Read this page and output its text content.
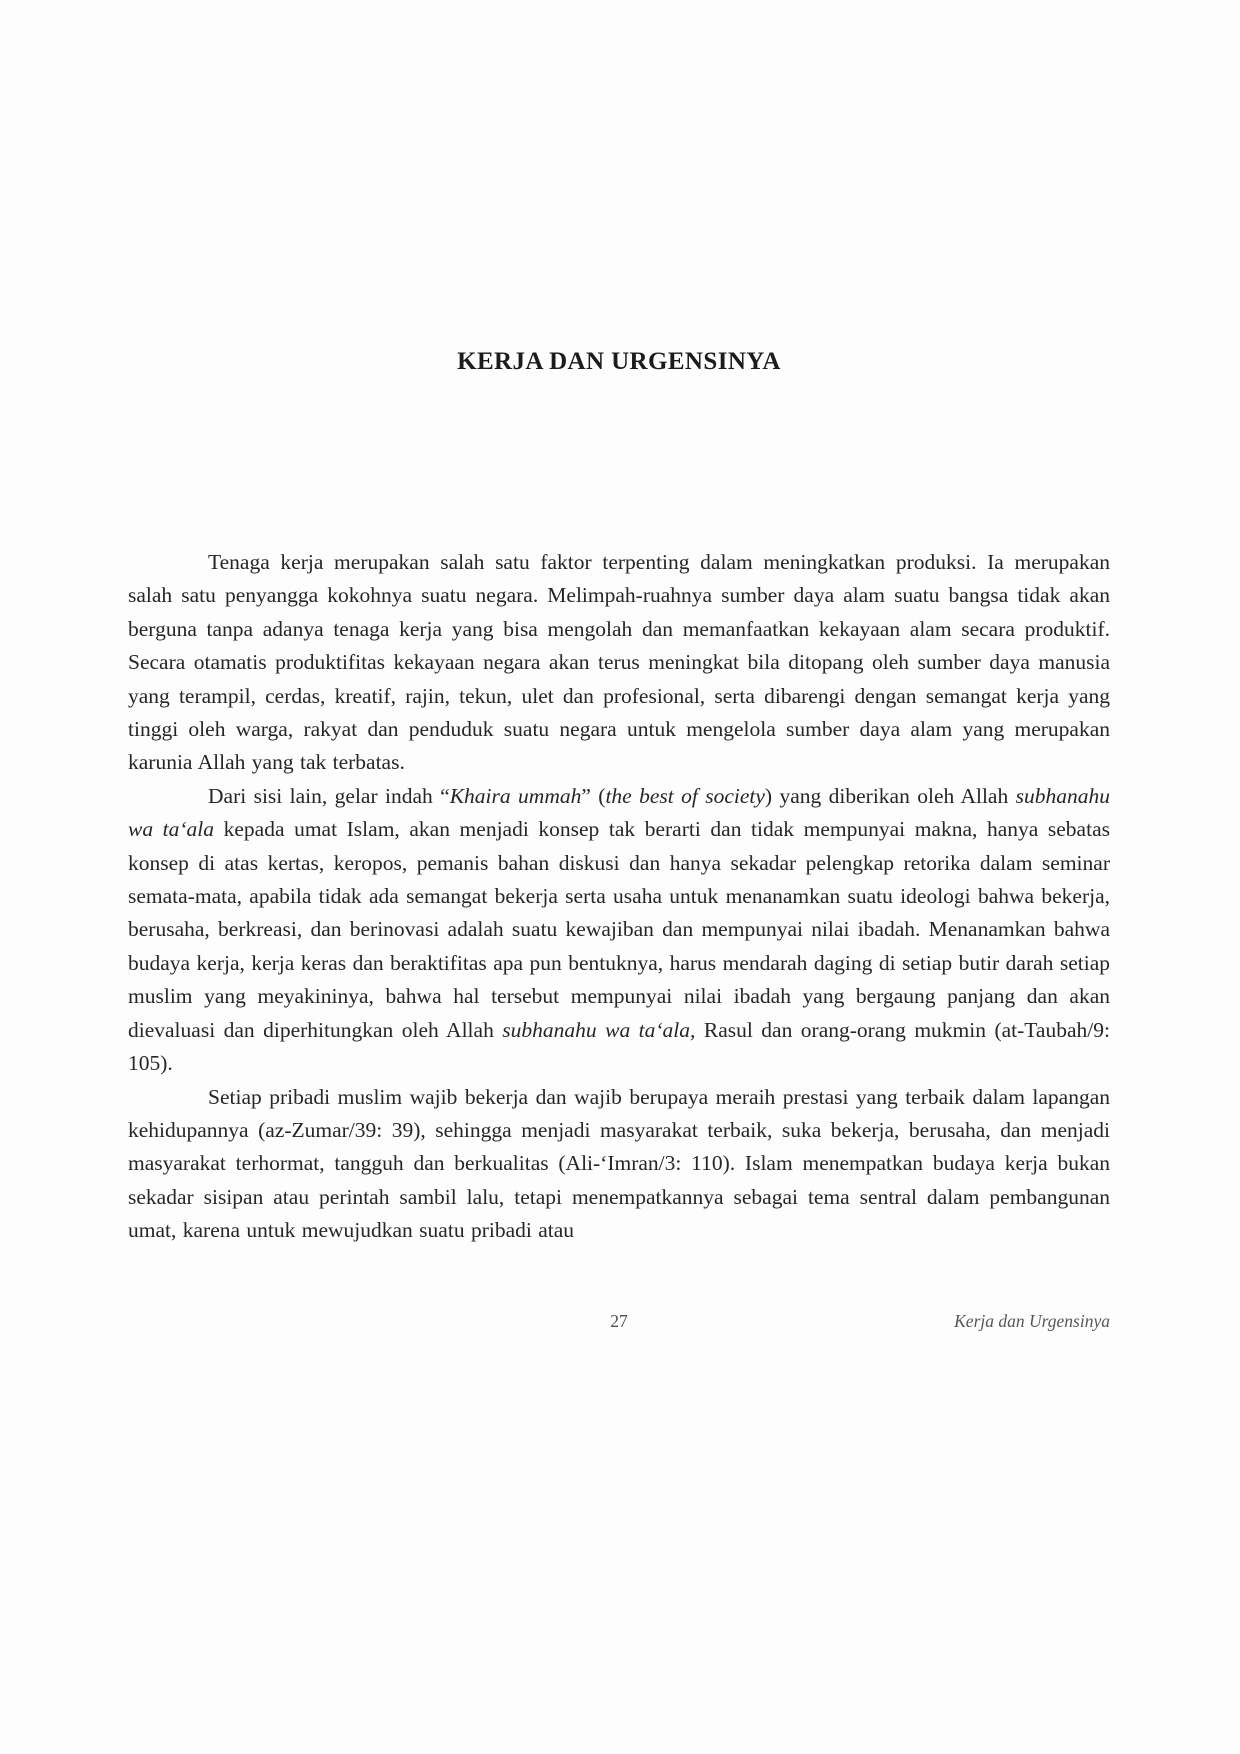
KERJA DAN URGENSINYA

Tenaga kerja merupakan salah satu faktor terpenting dalam meningkatkan produksi. Ia merupakan salah satu penyangga kokohnya suatu negara. Melimpah-ruahnya sumber daya alam suatu bangsa tidak akan berguna tanpa adanya tenaga kerja yang bisa mengolah dan memanfaatkan kekayaan alam secara produktif. Secara otamatis produktifitas kekayaan negara akan terus meningkat bila ditopang oleh sumber daya manusia yang terampil, cerdas, kreatif, rajin, tekun, ulet dan profesional, serta dibarengi dengan semangat kerja yang tinggi oleh warga, rakyat dan penduduk suatu negara untuk mengelola sumber daya alam yang merupakan karunia Allah yang tak terbatas.

Dari sisi lain, gelar indah “Khaira ummah” (the best of society) yang diberikan oleh Allah subhanahu wa ta‘ala kepada umat Islam, akan menjadi konsep tak berarti dan tidak mempunyai makna, hanya sebatas konsep di atas kertas, keropos, pemanis bahan diskusi dan hanya sekadar pelengkap retorika dalam seminar semata-mata, apabila tidak ada semangat bekerja serta usaha untuk menanamkan suatu ideologi bahwa bekerja, berusaha, berkreasi, dan berinovasi adalah suatu kewajiban dan mempunyai nilai ibadah. Menanamkan bahwa budaya kerja, kerja keras dan beraktifitas apa pun bentuknya, harus mendarah daging di setiap butir darah setiap muslim yang meyakininya, bahwa hal tersebut mempunyai nilai ibadah yang bergaung panjang dan akan dievaluasi dan diperhitungkan oleh Allah subhanahu wa ta‘ala, Rasul dan orang-orang mukmin (at-Taubah/9: 105).

Setiap pribadi muslim wajib bekerja dan wajib berupaya meraih prestasi yang terbaik dalam lapangan kehidupannya (az-Zumar/39: 39), sehingga menjadi masyarakat terbaik, suka bekerja, berusaha, dan menjadi masyarakat terhormat, tangguh dan berkualitas (Ali-‘Imran/3: 110). Islam menempatkan budaya kerja bukan sekadar sisipan atau perintah sambil lalu, tetapi menempatkannya sebagai tema sentral dalam pembangunan umat, karena untuk mewujudkan suatu pribadi atau

27	Kerja dan Urgensinya
